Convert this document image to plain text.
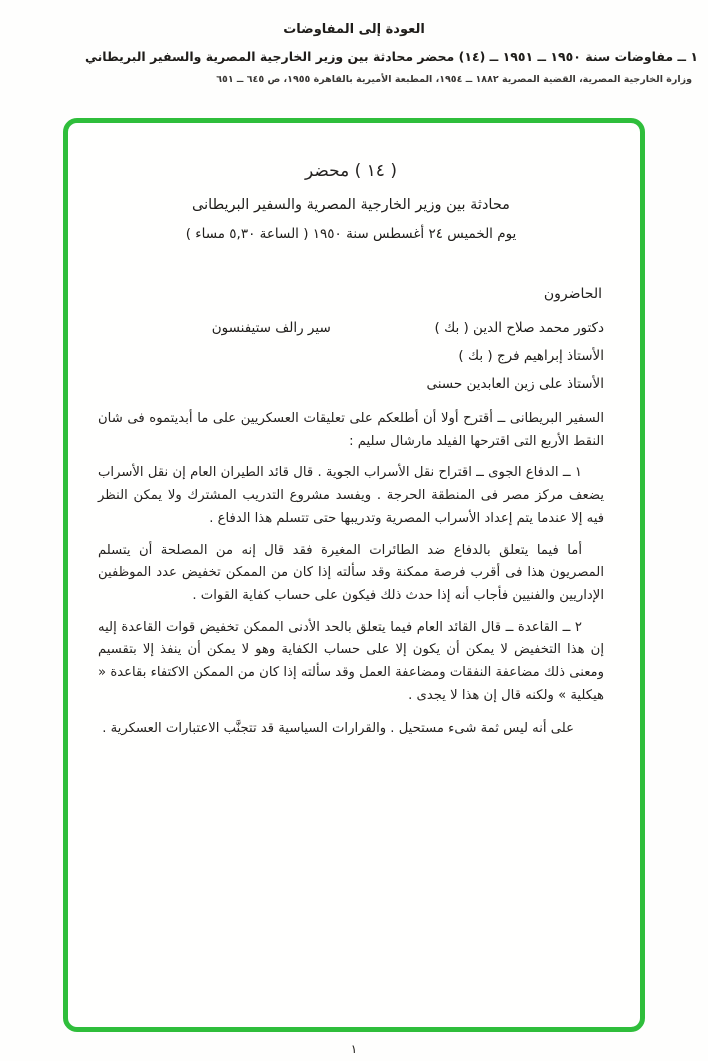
العودة إلى المفاوضات
١ ــ مفاوضات سنة ١٩٥٠ ــ ١٩٥١ ــ (١٤) محضر محادثة بين وزير الخارجية المصرية والسفير البريطاني
وزارة الخارجية المصرية، القضية المصرية ١٨٨٢ ــ ١٩٥٤، المطبعة الأميرية بالقاهرة ١٩٥٥، ص ٦٤٥ ــ ٦٥١
( ١٤ ) محضر
محادثة بين وزير الخارجية المصرية والسفير البريطانى
يوم الخميس ٢٤ أغسطس سنة ١٩٥٠ ( الساعة ٥,٣٠ مساء )
الحاضرون
دكتور محمد صلاح الدين ( بك )
سير رالف ستيفنسون
الأستاذ إبراهيم فرج ( بك )
الأستاذ على زين العابدين حسنى

السفير البريطانى ــ أقترح أولا أن أطلعكم على تعليقات العسكريين على ما أبديتموه فى شان النقط الأربع التى اقترحها الفيلد مارشال سليم :

١ ــ الدفاع الجوى ــ اقتراح نقل الأسراب الجوية . قال قائد الطيران العام إن نقل الأسراب يضعف مركز مصر فى المنطقة الحرجة . ويفسد مشروع التدريب المشترك ولا يمكن النظر فيه إلا عندما يتم إعداد الأسراب المصرية وتدريبها حتى تتسلم هذا الدفاع .

أما فيما يتعلق بالدفاع ضد الطائرات المغيرة فقد قال إنه من المصلحة أن يتسلم المصريون هذا فى أقرب فرصة ممكنة وقد سألته إذا كان من الممكن تخفيض عدد الموظفين الإداريين والفنيين فأجاب أنه إذا حدث ذلك فيكون على حساب كفاية القوات .

٢ ــ القاعدة ــ قال القائد العام فيما يتعلق بالحد الأدنى الممكن تخفيض قوات القاعدة إليه إن هذا التخفيض لا يمكن أن يكون إلا على حساب الكفاية وهو لا يمكن أن ينفذ إلا بتقسيم ومعنى ذلك مضاعفة النفقات ومضاعفة العمل وقد سألته إذا كان من الممكن الاكتفاء بقاعدة « هيكلية » ولكنه قال إن هذا لا يجدى .

على أنه ليس ثمة شىء مستحيل . والقرارات السياسية قد تتجنَّب الاعتبارات العسكرية .

١
